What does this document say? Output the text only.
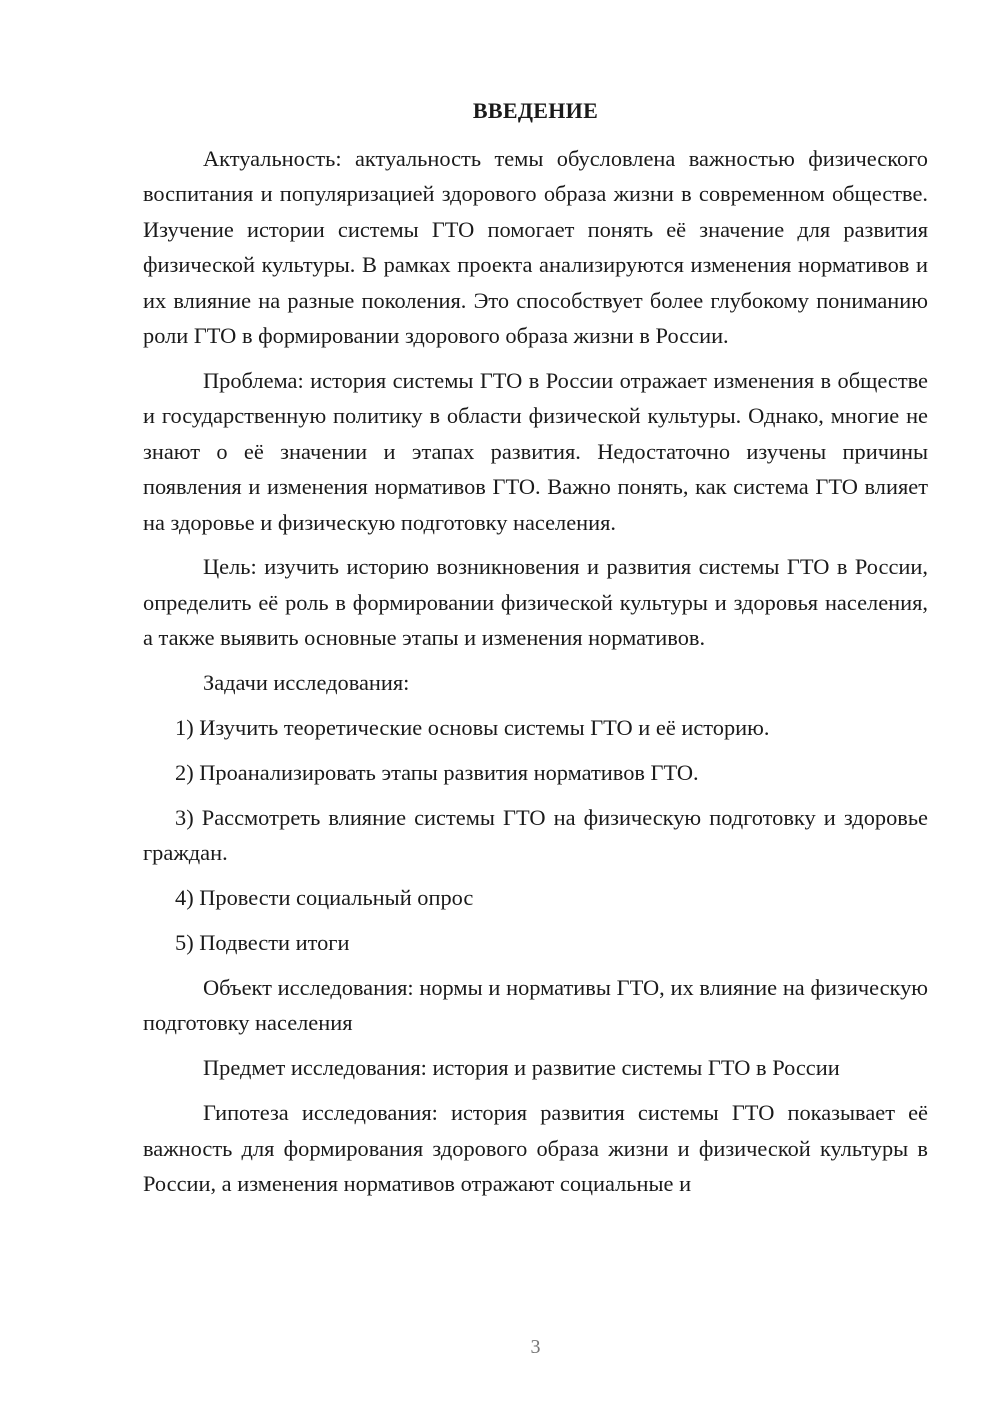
ВВЕДЕНИЕ

Актуальность: актуальность темы обусловлена важностью физического воспитания и популяризацией здорового образа жизни в современном обществе. Изучение истории системы ГТО помогает понять её значение для развития физической культуры. В рамках проекта анализируются изменения нормативов и их влияние на разные поколения. Это способствует более глубокому пониманию роли ГТО в формировании здорового образа жизни в России.

Проблема: история системы ГТО в России отражает изменения в обществе и государственную политику в области физической культуры. Однако, многие не знают о её значении и этапах развития. Недостаточно изучены причины появления и изменения нормативов ГТО. Важно понять, как система ГТО влияет на здоровье и физическую подготовку населения.

Цель: изучить историю возникновения и развития системы ГТО в России, определить её роль в формировании физической культуры и здоровья населения, а также выявить основные этапы и изменения нормативов.

Задачи исследования:

1) Изучить теоретические основы системы ГТО и её историю.

2) Проанализировать этапы развития нормативов ГТО.

3) Рассмотреть влияние системы ГТО на физическую подготовку и здоровье граждан.

4) Провести социальный опрос

5) Подвести итоги

Объект исследования: нормы и нормативы ГТО, их влияние на физическую подготовку населения

Предмет исследования: история и развитие системы ГТО в России

Гипотеза исследования: история развития системы ГТО показывает её важность для формирования здорового образа жизни и физической культуры в России, а изменения нормативов отражают социальные и

3
